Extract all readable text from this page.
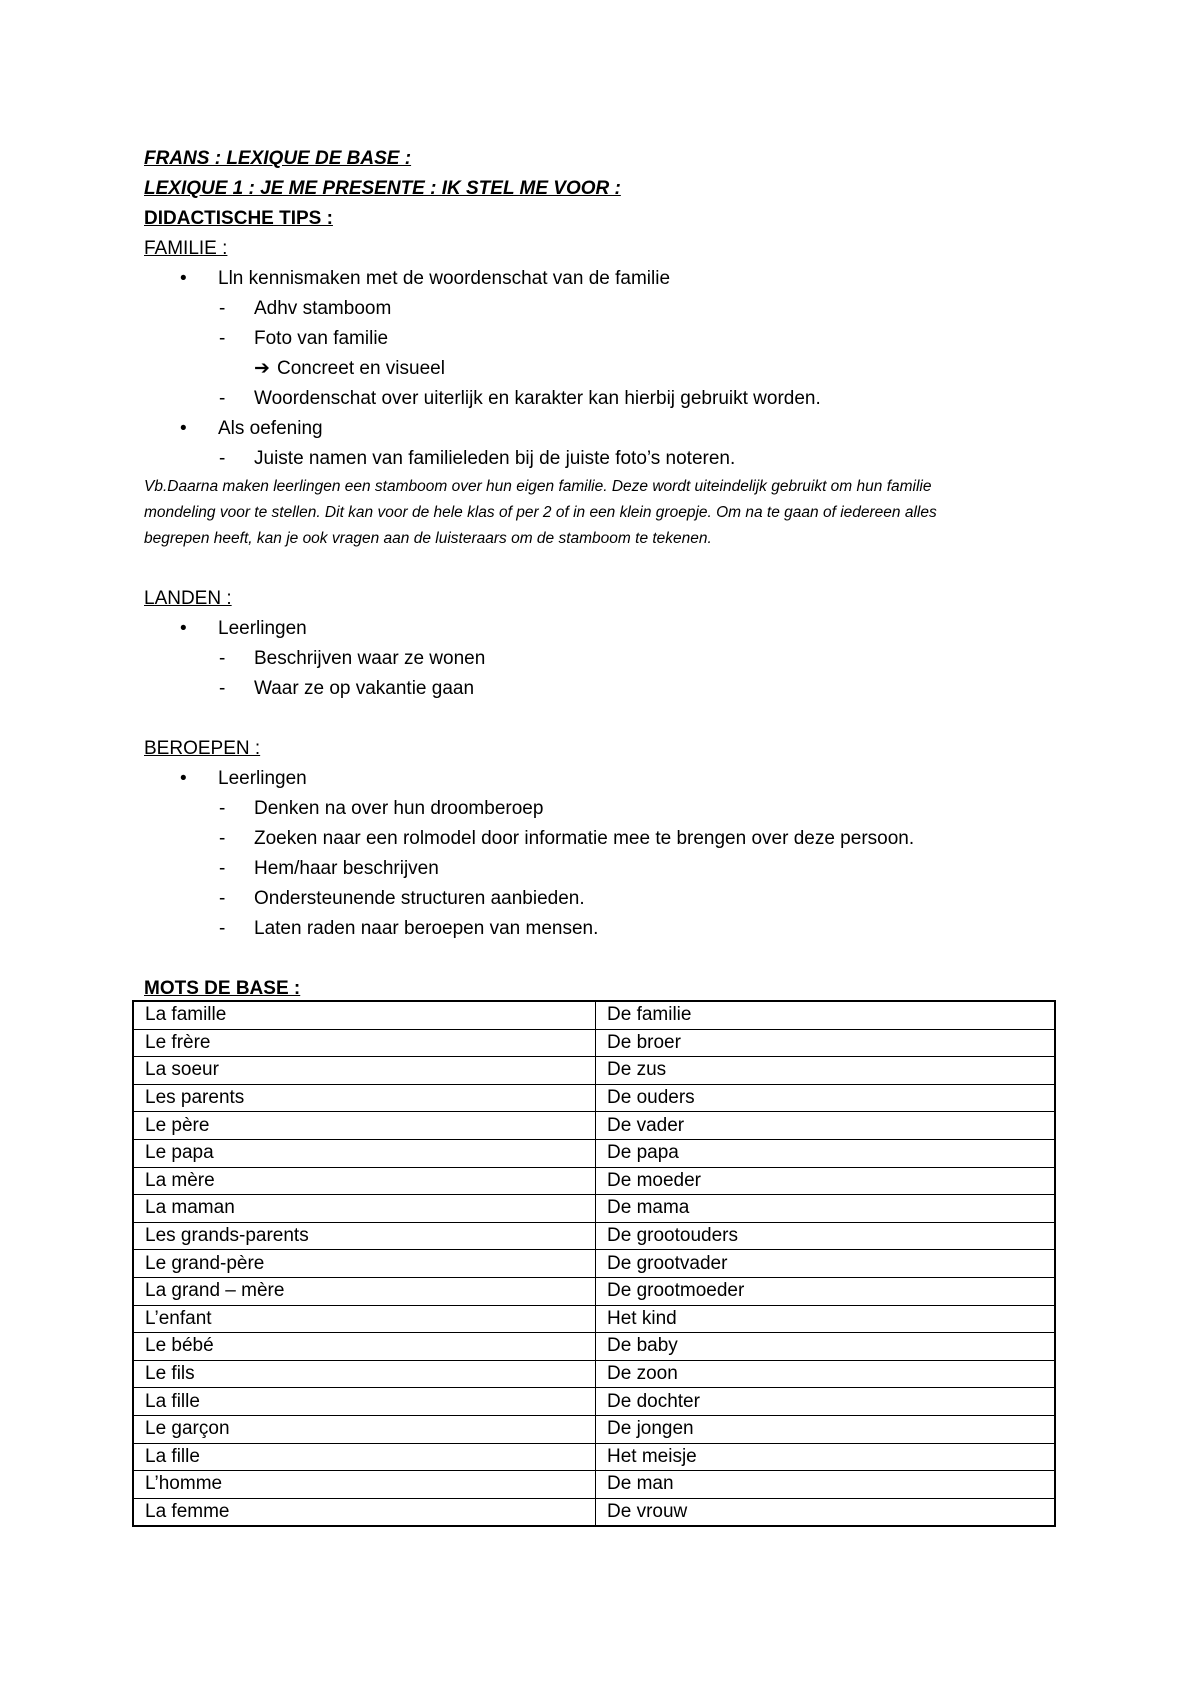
FRANS : LEXIQUE DE BASE :
LEXIQUE 1 : JE ME PRESENTE : IK STEL ME VOOR :
DIDACTISCHE TIPS :
FAMILIE :
• Lln kennismaken met de woordenschat van de familie
- Adhv stamboom
- Foto van familie
➔ Concreet en visueel
- Woordenschat over uiterlijk en karakter kan hierbij gebruikt worden.
• Als oefening
- Juiste namen van familieleden bij de juiste foto’s noteren.
Vb.Daarna maken leerlingen een stamboom over hun eigen familie. Deze wordt uiteindelijk gebruikt om hun familie
mondeling voor te stellen. Dit kan voor de hele klas of per 2 of in een klein groepje. Om na te gaan of iedereen alles
begrepen heeft, kan je ook vragen aan de luisteraars om de stamboom te tekenen.
LANDEN :
• Leerlingen
- Beschrijven waar ze wonen
- Waar ze op vakantie gaan
BEROEPEN :
• Leerlingen
- Denken na over hun droomberoep
- Zoeken naar een rolmodel door informatie mee te brengen over deze persoon.
- Hem/haar beschrijven
- Ondersteunende structuren aanbieden.
- Laten raden naar beroepen van mensen.
MOTS DE BASE :
La famille	De familie
Le frère	De broer
La soeur	De zus
Les parents	De ouders
Le père	De vader
Le papa	De papa
La mère	De moeder
La maman	De mama
Les grands-parents	De grootouders
Le grand-père	De grootvader
La grand – mère	De grootmoeder
L’enfant	Het kind
Le bébé	De baby
Le fils	De zoon
La fille	De dochter
Le garçon	De jongen
La fille	Het meisje
L’homme	De man
La femme	De vrouw
